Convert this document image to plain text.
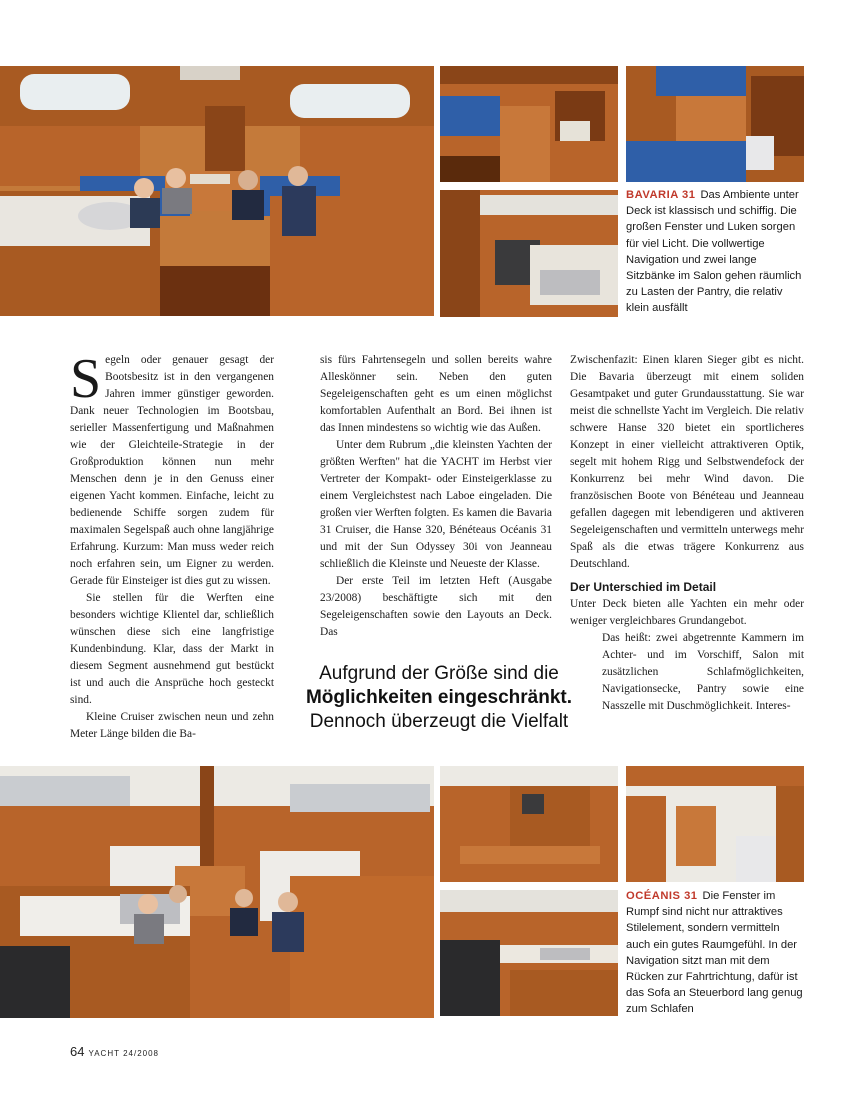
BAVARIA 31 Das Ambiente unter Deck ist klassisch und schiffig. Die großen Fenster und Luken sorgen für viel Licht. Die vollwertige Navigation und zwei lange Sitzbänke im Salon gehen räumlich zu Lasten der Pantry, die relativ klein ausfällt

Segeln oder genauer gesagt der Bootsbesitz ist in den vergangenen Jahren immer günstiger geworden. Dank neuer Technologien im Bootsbau, serieller Massenfertigung und Maßnahmen wie der Gleichteile-Strategie in der Großproduktion können nun mehr Menschen denn je in den Genuss einer eigenen Yacht kommen. Einfache, leicht zu bedienende Schiffe sorgen zudem für maximalen Segelspaß auch ohne langjährige Erfahrung. Kurzum: Man muss weder reich noch erfahren sein, um Eigner zu werden. Gerade für Einsteiger ist dies gut zu wissen.

Sie stellen für die Werften eine besonders wichtige Klientel dar, schließlich wünschen diese sich eine langfristige Kundenbindung. Klar, dass der Markt in diesem Segment ausnehmend gut bestückt ist und auch die Ansprüche hoch gesteckt sind.

Kleine Cruiser zwischen neun und zehn Meter Länge bilden die Ba-

sis fürs Fahrtensegeln und sollen bereits wahre Alleskönner sein. Neben den guten Segeleigenschaften geht es um einen möglichst komfortablen Aufenthalt an Bord. Bei ihnen ist das Innen mindestens so wichtig wie das Außen.

Unter dem Rubrum „die kleinsten Yachten der größten Werften" hat die YACHT im Herbst vier Vertreter der Kompakt- oder Einsteigerklasse zu einem Vergleichstest nach Laboe eingeladen. Die großen vier Werften folgten. Es kamen die Bavaria 31 Cruiser, die Hanse 320, Bénéteaus Océanis 31 und mit der Sun Odyssey 30i von Jeanneau schließlich die Kleinste und Neueste der Klasse.

Der erste Teil im letzten Heft (Ausgabe 23/2008) beschäftigte sich mit den Segeleigenschaften sowie den Layouts an Deck. Das

Zwischenfazit: Einen klaren Sieger gibt es nicht. Die Bavaria überzeugt mit einem soliden Gesamtpaket und guter Grundausstattung. Sie war meist die schnellste Yacht im Vergleich. Die relativ schwere Hanse 320 bietet ein sportlicheres Konzept in einer vielleicht attraktiveren Optik, segelt mit hohem Rigg und Selbstwendefock der Konkurrenz bei mehr Wind davon. Die französischen Boote von Bénéteau und Jeanneau gefallen dagegen mit lebendigeren und aktiveren Segeleigenschaften und vermitteln unterwegs mehr Spaß als die etwas trägere Konkurrenz aus Deutschland.

Der Unterschied im Detail

Unter Deck bieten alle Yachten ein mehr oder weniger vergleichbares Grundangebot.

Das heißt: zwei abgetrennte Kammern im Achter- und im Vorschiff, Salon mit zusätzlichen Schlafmöglichkeiten, Navigationsecke, Pantry sowie eine Nasszelle mit Duschmöglichkeit. Interes-

Aufgrund der Größe sind die
Möglichkeiten eingeschränkt.
Dennoch überzeugt die Vielfalt
OCÉANIS 31 Die Fenster im Rumpf sind nicht nur attraktives Stilelement, sondern vermitteln auch ein gutes Raumgefühl. In der Navigation sitzt man mit dem Rücken zur Fahrtrichtung, dafür ist das Sofa an Steuerbord lang genug zum Schlafen
64 YACHT 24/2008
